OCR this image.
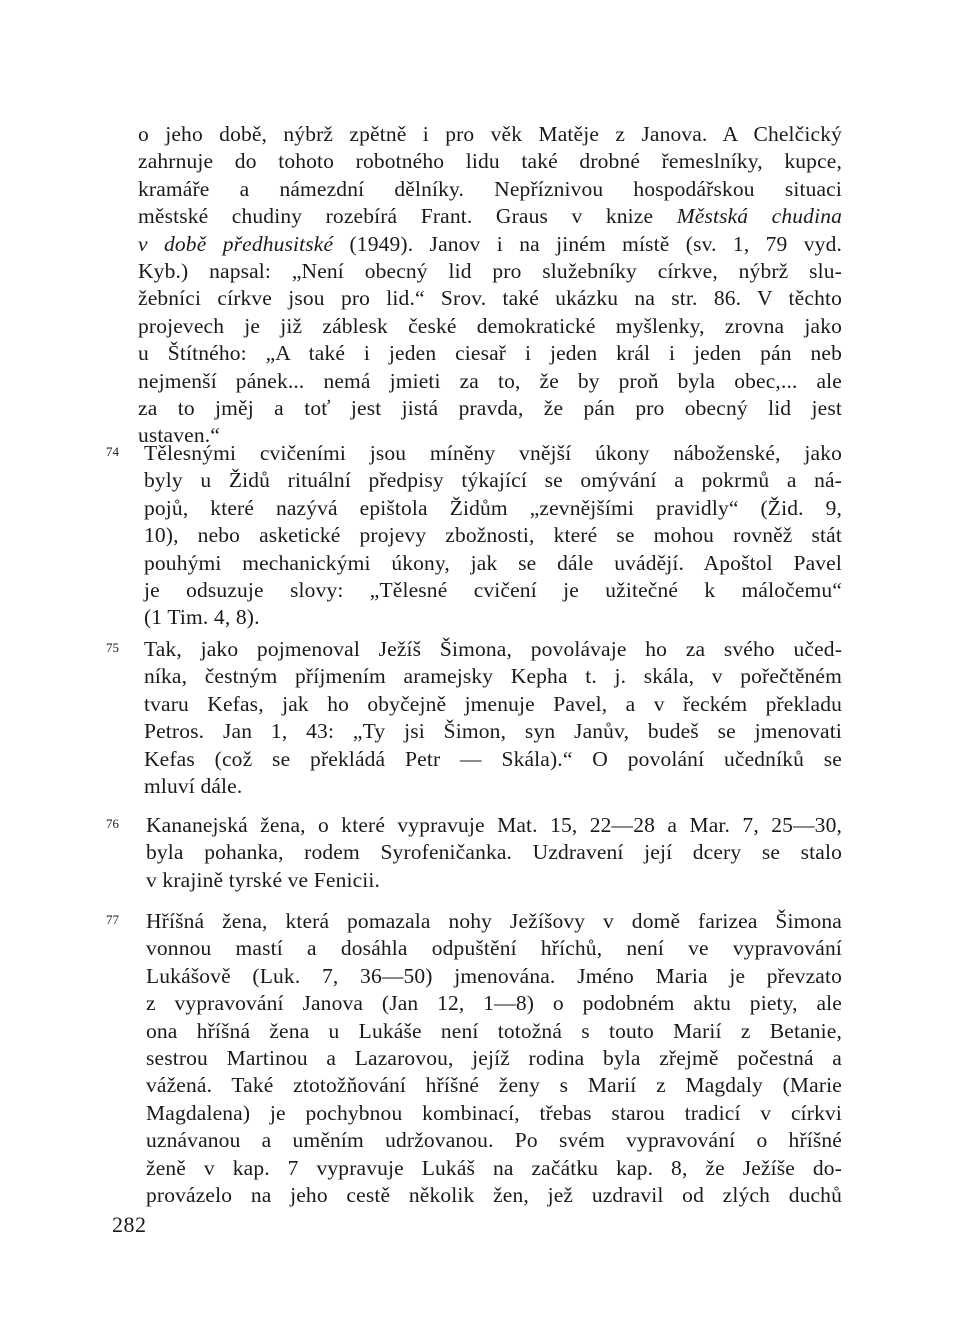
o jeho době, nýbrž zpětně i pro věk Matěje z Janova. A Chelčický
zahrnuje do tohoto robotného lidu také drobné řemeslníky, kupce,
kramáře a námezdní dělníky. Nepříznivou hospodářskou situaci
městské chudiny rozebírá Frant. Graus v knize Městská chudina
v době předhusitské (1949). Janov i na jiném místě (sv. 1, 79 vyd.
Kyb.) napsal: „Není obecný lid pro služebníky církve, nýbrž slu-
žebníci církve jsou pro lid.“ Srov. také ukázku na str. 86. V těchto
projevech je již záblesk české demokratické myšlenky, zrovna jako
u Štítného: „A také i jeden ciesař i jeden král i jeden pán neb
nejmenší pánek... nemá jmieti za to, že by proň byla obec,... ale
za to jměj a toť jest jistá pravda, že pán pro obecný lid jest
ustaven.“
74 Tělesnými cvičeními jsou míněny vnější úkony náboženské, jako
byly u Židů rituální předpisy týkající se omývání a pokrmů a ná-
pojů, které nazývá epištola Židům „zevnějšími pravidly“ (Žid. 9,
10), nebo asketické projevy zbožnosti, které se mohou rovněž stát
pouhými mechanickými úkony, jak se dále uvádějí. Apoštol Pavel
je odsuzuje slovy: „Tělesné cvičení je užitečné k máločemu“
(1 Tim. 4, 8).
75 Tak, jako pojmenoval Ježíš Šimona, povolávaje ho za svého učed-
níka, čestným příjmením aramejsky Kepha t. j. skála, v pořečtěném
tvaru Kefas, jak ho obyčejně jmenuje Pavel, a v řeckém překladu
Petros. Jan 1, 43: „Ty jsi Šimon, syn Janův, budeš se jmenovati
Kefas (což se překládá Petr — Skála).“ O povolání učedníků se
mluví dále.
76 Kananejská žena, o které vypravuje Mat. 15, 22—28 a Mar. 7, 25—30,
byla pohanka, rodem Syrofeničanka. Uzdravení její dcery se stalo
v krajině tyrské ve Fenicii.
77 Hříšná žena, která pomazala nohy Ježíšovy v domě farizea Šimona
vonnou mastí a dosáhla odpuštění hříchů, není ve vypravování
Lukášově (Luk. 7, 36—50) jmenována. Jméno Maria je převzato
z vypravování Janova (Jan 12, 1—8) o podobném aktu piety, ale
ona hříšná žena u Lukáše není totožná s touto Marií z Betanie,
sestrou Martinou a Lazarovou, jejíž rodina byla zřejmě počestná a
vážená. Také ztotožňování hříšné ženy s Marií z Magdaly (Marie
Magdalena) je pochybnou kombinací, třebas starou tradicí v církvi
uznávanou a uměním udržovanou. Po svém vypravování o hříšné
ženě v kap. 7 vypravuje Lukáš na začátku kap. 8, že Ježíše do-
provázelo na jeho cestě několik žen, jež uzdravil od zlých duchů
282
